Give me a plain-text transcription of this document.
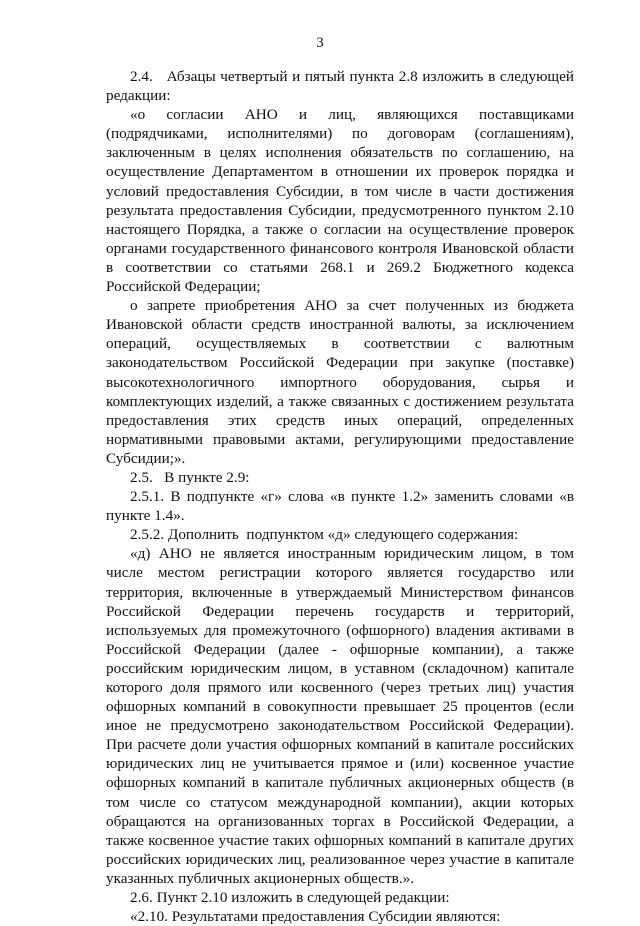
3

2.4.   Абзацы четвертый и пятый пункта 2.8 изложить в следующей редакции:

«о согласии АНО и лиц, являющихся поставщиками (подрядчиками, исполнителями) по договорам (соглашениям), заключенным в целях исполнения обязательств по соглашению, на осуществление Департаментом в отношении их проверок порядка и условий предоставления Субсидии, в том числе в части достижения результата предоставления Субсидии, предусмотренного пунктом 2.10 настоящего Порядка, а также о согласии на осуществление проверок органами государственного финансового контроля Ивановской области в соответствии со статьями 268.1 и 269.2 Бюджетного кодекса Российской Федерации;

о запрете приобретения АНО за счет полученных из бюджета Ивановской области средств иностранной валюты, за исключением операций, осуществляемых в соответствии с валютным законодательством Российской Федерации при закупке (поставке) высокотехнологичного импортного оборудования, сырья и комплектующих изделий, а также связанных с достижением результата предоставления этих средств иных операций, определенных нормативными правовыми актами, регулирующими предоставление Субсидии;».

2.5.   В пункте 2.9:

2.5.1. В подпункте «г» слова «в пункте 1.2» заменить словами «в пункте 1.4».

2.5.2. Дополнить  подпунктом «д» следующего содержания:

«д) АНО не является иностранным юридическим лицом, в том числе местом регистрации которого является государство или территория, включенные в утверждаемый Министерством финансов Российской Федерации перечень государств и территорий, используемых для промежуточного (офшорного) владения активами в Российской Федерации (далее - офшорные компании), а также российским юридическим лицом, в уставном (складочном) капитале которого доля прямого или косвенного (через третьих лиц) участия офшорных компаний в совокупности превышает 25 процентов (если иное не предусмотрено законодательством Российской Федерации). При расчете доли участия офшорных компаний в капитале российских юридических лиц не учитывается прямое и (или) косвенное участие офшорных компаний в капитале публичных акционерных обществ (в том числе со статусом международной компании), акции которых обращаются на организованных торгах в Российской Федерации, а также косвенное участие таких офшорных компаний в капитале других российских юридических лиц, реализованное через участие в капитале указанных публичных акционерных обществ.».

2.6. Пункт 2.10 изложить в следующей редакции:

«2.10. Результатами предоставления Субсидии являются:
